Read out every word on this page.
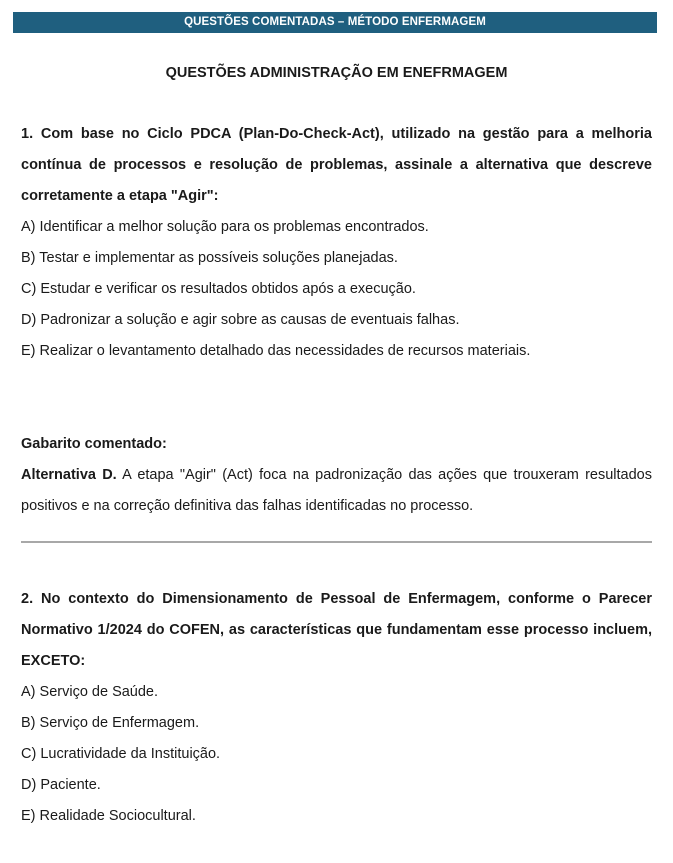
QUESTÕES COMENTADAS – MÉTODO ENFERMAGEM
QUESTÕES ADMINISTRAÇÃO EM ENEFRMAGEM
1. Com base no Ciclo PDCA (Plan-Do-Check-Act), utilizado na gestão para a melhoria contínua de processos e resolução de problemas, assinale a alternativa que descreve corretamente a etapa "Agir":
A) Identificar a melhor solução para os problemas encontrados.
B) Testar e implementar as possíveis soluções planejadas.
C) Estudar e verificar os resultados obtidos após a execução.
D) Padronizar a solução e agir sobre as causas de eventuais falhas.
E) Realizar o levantamento detalhado das necessidades de recursos materiais.
Gabarito comentado:
Alternativa D. A etapa "Agir" (Act) foca na padronização das ações que trouxeram resultados positivos e na correção definitiva das falhas identificadas no processo.
2. No contexto do Dimensionamento de Pessoal de Enfermagem, conforme o Parecer Normativo 1/2024 do COFEN, as características que fundamentam esse processo incluem, EXCETO:
A) Serviço de Saúde.
B) Serviço de Enfermagem.
C) Lucratividade da Instituição.
D) Paciente.
E) Realidade Sociocultural.
